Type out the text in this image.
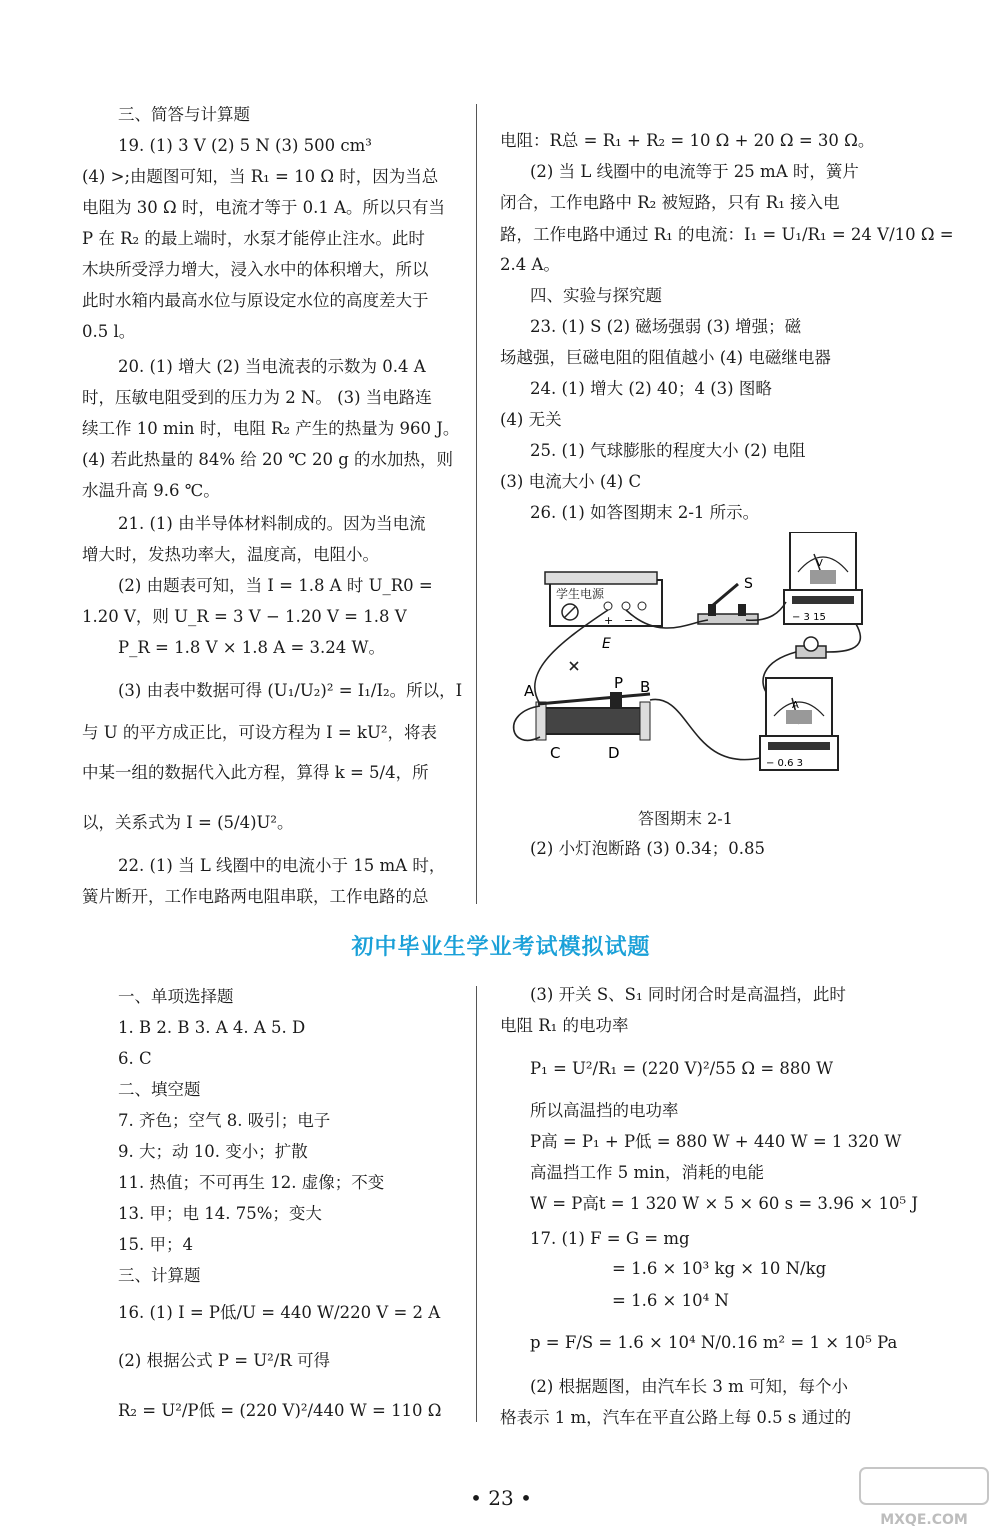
三、简答与计算题
19. (1) 3 V (2) 5 N (3) 500 cm³
(4) >;由题图可知，当 R₁ = 10 Ω 时，因为当总
电阻为 30 Ω 时，电流才等于 0.1 A。所以只有当
P 在 R₂ 的最上端时，水泵才能停止注水。此时
木块所受浮力增大，浸入水中的体积增大，所以
此时水箱内最高水位与原设定水位的高度差大于
0.5 l。
20. (1) 增大 (2) 当电流表的示数为 0.4 A
时，压敏电阻受到的压力为 2 N。 (3) 当电路连
续工作 10 min 时，电阻 R₂ 产生的热量为 960 J。
(4) 若此热量的 84% 给 20 ℃ 20 g 的水加热，则
水温升高 9.6 ℃。
21. (1) 由半导体材料制成的。因为当电流
增大时，发热功率大，温度高，电阻小。
(2) 由题表可知，当 I = 1.8 A 时 U_R0 =
1.20 V，则 U_R = 3 V − 1.20 V = 1.8 V
P_R = 1.8 V × 1.8 A = 3.24 W。
(3) 由表中数据可得 (U₁/U₂)² = I₁/I₂。所以，I
与 U 的平方成正比，可设方程为 I = kU²，将表
中某一组的数据代入此方程，算得 k = 5/4，所
以，关系式为 I = (5/4)U²。
22. (1) 当 L 线圈中的电流小于 15 mA 时，
簧片断开，工作电路两电阻串联，工作电路的总
电阻：R总 = R₁ + R₂ = 10 Ω + 20 Ω = 30 Ω。
(2) 当 L 线圈中的电流等于 25 mA 时，簧片
闭合，工作电路中 R₂ 被短路，只有 R₁ 接入电
路，工作电路中通过 R₁ 的电流：I₁ = U₁/R₁ = 24 V/10 Ω =
2.4 A。
四、实验与探究题
23. (1) S (2) 磁场强弱 (3) 增强；磁
场越强，巨磁电阻的阻值越小 (4) 电磁继电器
24. (1) 增大 (2) 40；4 (3) 图略
(4) 无关
25. (1) 气球膨胀的程度大小 (2) 电阻
(3) 电流大小 (4) C
26. (1) 如答图期末 2-1 所示。
学生电源
+ −
E
S
V
− 3 15
A
− 0.6 3
A	P B
C	D
答图期末 2-1
(2) 小灯泡断路 (3) 0.34；0.85
初中毕业生学业考试模拟试题
一、单项选择题
1. B 2. B 3. A 4. A 5. D
6. C
二、填空题
7. 齐色；空气 8. 吸引；电子
9. 大；动 10. 变小；扩散
11. 热值；不可再生 12. 虚像；不变
13. 甲；电 14. 75%；变大
15. 甲；4
三、计算题
16. (1) I = P低/U = 440 W/220 V = 2 A
(2) 根据公式 P = U²/R 可得
R₂ = U²/P低 = (220 V)²/440 W = 110 Ω
(3) 开关 S、S₁ 同时闭合时是高温挡，此时
电阻 R₁ 的电功率
P₁ = U²/R₁ = (220 V)²/55 Ω = 880 W
所以高温挡的电功率
P高 = P₁ + P低 = 880 W + 440 W = 1 320 W
高温挡工作 5 min，消耗的电能
W = P高t = 1 320 W × 5 × 60 s = 3.96 × 10⁵ J
17. (1) F = G = mg
= 1.6 × 10³ kg × 10 N/kg
= 1.6 × 10⁴ N
p = F/S = 1.6 × 10⁴ N/0.16 m² = 1 × 10⁵ Pa
(2) 根据题图，由汽车长 3 m 可知，每个小
格表示 1 m，汽车在平直公路上每 0.5 s 通过的
• 23 •
MXQE.COM
